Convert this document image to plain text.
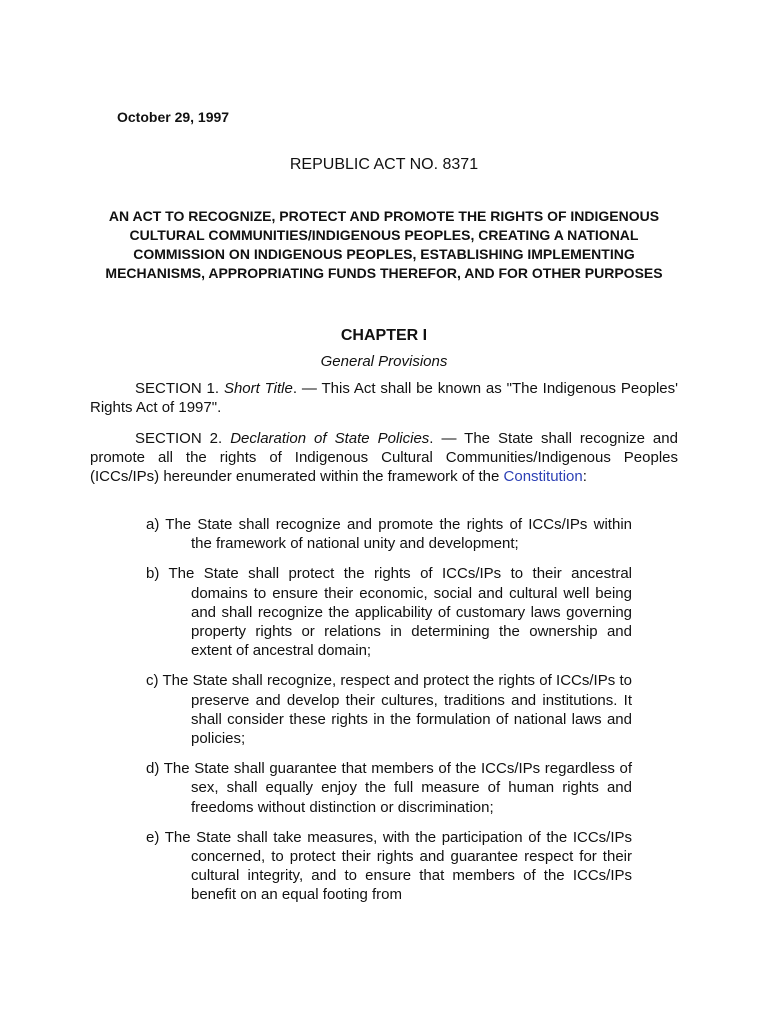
October 29, 1997
REPUBLIC ACT NO. 8371
AN ACT TO RECOGNIZE, PROTECT AND PROMOTE THE RIGHTS OF INDIGENOUS CULTURAL COMMUNITIES/INDIGENOUS PEOPLES, CREATING A NATIONAL COMMISSION ON INDIGENOUS PEOPLES, ESTABLISHING IMPLEMENTING MECHANISMS, APPROPRIATING FUNDS THEREFOR, AND FOR OTHER PURPOSES
CHAPTER I
General Provisions

SECTION 1. Short Title. — This Act shall be known as "The Indigenous Peoples' Rights Act of 1997".

SECTION 2. Declaration of State Policies. — The State shall recognize and promote all the rights of Indigenous Cultural Communities/Indigenous Peoples (ICCs/IPs) hereunder enumerated within the framework of the Constitution:

a) The State shall recognize and promote the rights of ICCs/IPs within the framework of national unity and development;
b) The State shall protect the rights of ICCs/IPs to their ancestral domains to ensure their economic, social and cultural well being and shall recognize the applicability of customary laws governing property rights or relations in determining the ownership and extent of ancestral domain;
c) The State shall recognize, respect and protect the rights of ICCs/IPs to preserve and develop their cultures, traditions and institutions. It shall consider these rights in the formulation of national laws and policies;
d) The State shall guarantee that members of the ICCs/IPs regardless of sex, shall equally enjoy the full measure of human rights and freedoms without distinction or discrimination;
e) The State shall take measures, with the participation of the ICCs/IPs concerned, to protect their rights and guarantee respect for their cultural integrity, and to ensure that members of the ICCs/IPs benefit on an equal footing from
